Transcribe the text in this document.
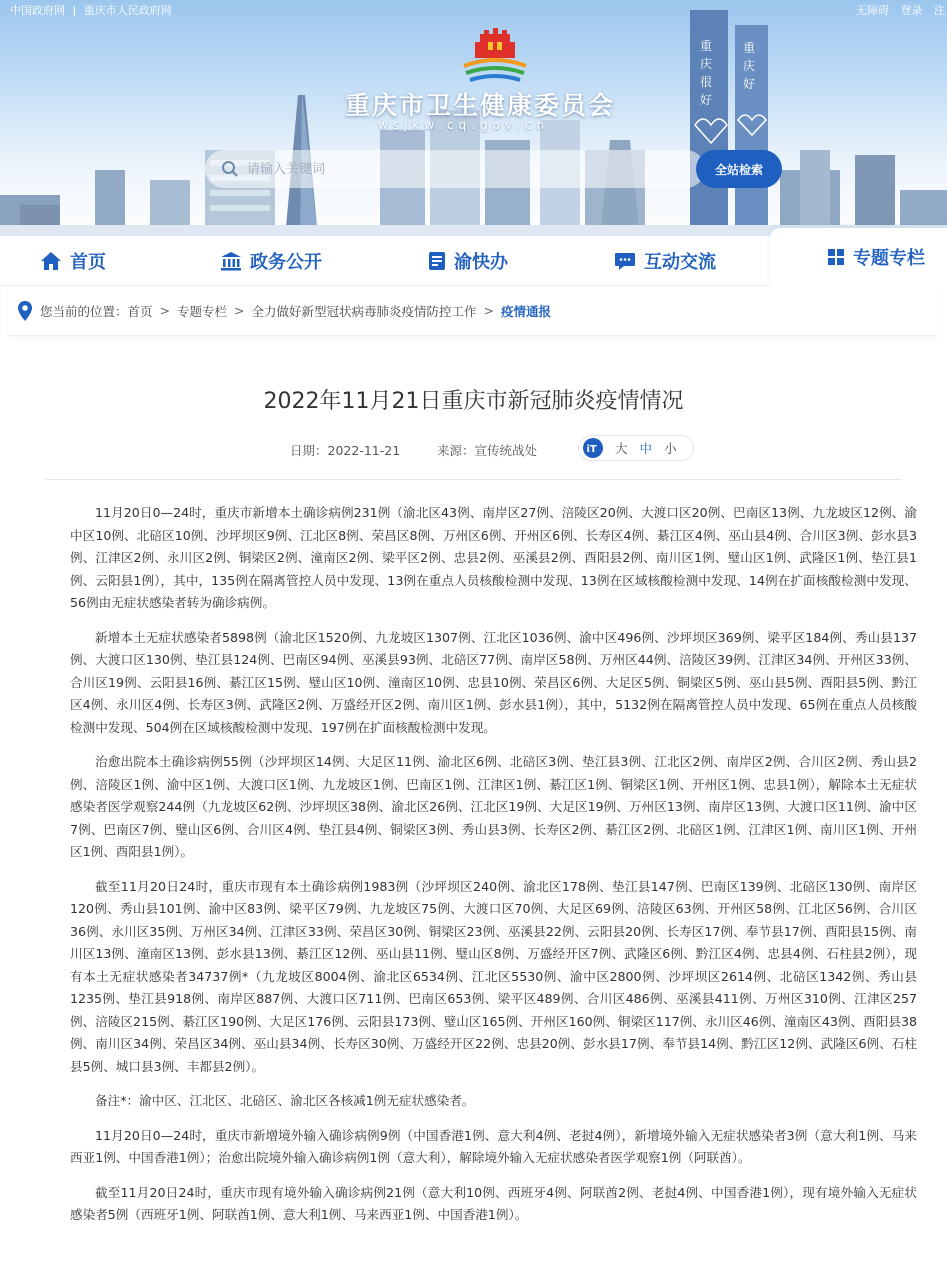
中国政府网 | 重庆市人民政府网	无障碍 登录 注
重
庆
很
好
重
庆
好
重庆市卫生健康委员会
wsjkw.cq.gov.cn
请输入关键词
全站检索
首页	政务公开	渝快办	互动交流	专题专栏
您当前的位置： 首页 > 专题专栏 > 全力做好新型冠状病毒肺炎疫情防控工作 > 疫情通报
2022年11月21日重庆市新冠肺炎疫情情况
日期：2022-11-21	来源：宣传统战处	iT 大 中 小

11月20日0—24时，重庆市新增本土确诊病例231例（渝北区43例、南岸区27例、涪陵区20例、大渡口区20例、巴南区13例、九龙坡区12例、渝中区10例、北碚区10例、沙坪坝区9例、江北区8例、荣昌区8例、万州区6例、开州区6例、长寿区4例、綦江区4例、巫山县4例、合川区3例、彭水县3例、江津区2例、永川区2例、铜梁区2例、潼南区2例、梁平区2例、忠县2例、巫溪县2例、酉阳县2例、南川区1例、璧山区1例、武隆区1例、垫江县1例、云阳县1例），其中，135例在隔离管控人员中发现、13例在重点人员核酸检测中发现、13例在区域核酸检测中发现、14例在扩面核酸检测中发现、56例由无症状感染者转为确诊病例。

新增本土无症状感染者5898例（渝北区1520例、九龙坡区1307例、江北区1036例、渝中区496例、沙坪坝区369例、梁平区184例、秀山县137例、大渡口区130例、垫江县124例、巴南区94例、巫溪县93例、北碚区77例、南岸区58例、万州区44例、涪陵区39例、江津区34例、开州区33例、合川区19例、云阳县16例、綦江区15例、璧山区10例、潼南区10例、忠县10例、荣昌区6例、大足区5例、铜梁区5例、巫山县5例、酉阳县5例、黔江区4例、永川区4例、长寿区3例、武隆区2例、万盛经开区2例、南川区1例、彭水县1例），其中，5132例在隔离管控人员中发现、65例在重点人员核酸检测中发现、504例在区域核酸检测中发现、197例在扩面核酸检测中发现。

治愈出院本土确诊病例55例（沙坪坝区14例、大足区11例、渝北区6例、北碚区3例、垫江县3例、江北区2例、南岸区2例、合川区2例、秀山县2例、涪陵区1例、渝中区1例、大渡口区1例、九龙坡区1例、巴南区1例、江津区1例、綦江区1例、铜梁区1例、开州区1例、忠县1例），解除本土无症状感染者医学观察244例（九龙坡区62例、沙坪坝区38例、渝北区26例、江北区19例、大足区19例、万州区13例、南岸区13例、大渡口区11例、渝中区7例、巴南区7例、璧山区6例、合川区4例、垫江县4例、铜梁区3例、秀山县3例、长寿区2例、綦江区2例、北碚区1例、江津区1例、南川区1例、开州区1例、酉阳县1例）。

截至11月20日24时，重庆市现有本土确诊病例1983例（沙坪坝区240例、渝北区178例、垫江县147例、巴南区139例、北碚区130例、南岸区120例、秀山县101例、渝中区83例、梁平区79例、九龙坡区75例、大渡口区70例、大足区69例、涪陵区63例、开州区58例、江北区56例、合川区36例、永川区35例、万州区34例、江津区33例、荣昌区30例、铜梁区23例、巫溪县22例、云阳县20例、长寿区17例、奉节县17例、酉阳县15例、南川区13例、潼南区13例、彭水县13例、綦江区12例、巫山县11例、璧山区8例、万盛经开区7例、武隆区6例、黔江区4例、忠县4例、石柱县2例），现有本土无症状感染者34737例*（九龙坡区8004例、渝北区6534例、江北区5530例、渝中区2800例、沙坪坝区2614例、北碚区1342例、秀山县1235例、垫江县918例、南岸区887例、大渡口区711例、巴南区653例、梁平区489例、合川区486例、巫溪县411例、万州区310例、江津区257例、涪陵区215例、綦江区190例、大足区176例、云阳县173例、璧山区165例、开州区160例、铜梁区117例、永川区46例、潼南区43例、酉阳县38例、南川区34例、荣昌区34例、巫山县34例、长寿区30例、万盛经开区22例、忠县20例、彭水县17例、奉节县14例、黔江区12例、武隆区6例、石柱县5例、城口县3例、丰都县2例）。

备注*：渝中区、江北区、北碚区、渝北区各核减1例无症状感染者。

11月20日0—24时，重庆市新增境外输入确诊病例9例（中国香港1例、意大利4例、老挝4例），新增境外输入无症状感染者3例（意大利1例、马来西亚1例、中国香港1例）；治愈出院境外输入确诊病例1例（意大利），解除境外输入无症状感染者医学观察1例（阿联酋）。

截至11月20日24时，重庆市现有境外输入确诊病例21例（意大利10例、西班牙4例、阿联酋2例、老挝4例、中国香港1例），现有境外输入无症状感染者5例（西班牙1例、阿联酋1例、意大利1例、马来西亚1例、中国香港1例）。
